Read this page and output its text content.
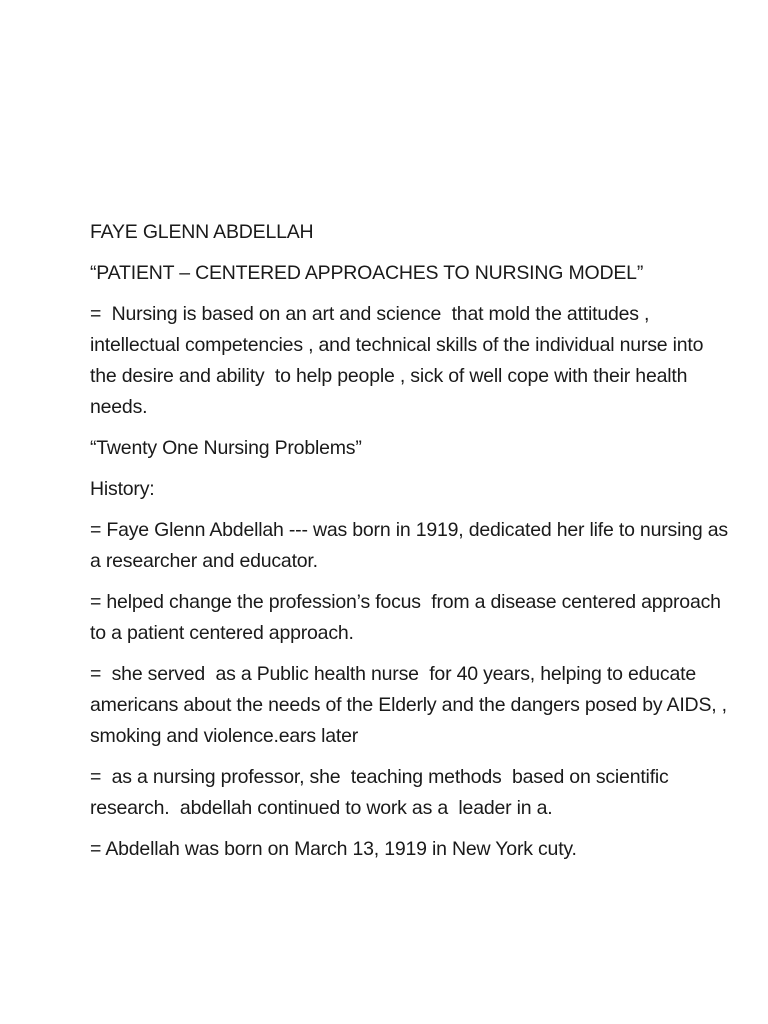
FAYE GLENN ABDELLAH

“PATIENT – CENTERED APPROACHES TO NURSING MODEL”

=  Nursing is based on an art and science  that mold the attitudes , intellectual competencies , and technical skills of the individual nurse into the desire and ability  to help people , sick of well cope with their health needs.

“Twenty One Nursing Problems”

History:

= Faye Glenn Abdellah --- was born in 1919, dedicated her life to nursing as a researcher and educator.

= helped change the profession’s focus  from a disease centered approach to a patient centered approach.

=  she served  as a Public health nurse  for 40 years, helping to educate  americans about the needs of the Elderly and the dangers posed by AIDS, , smoking and violence.ears later

=  as a nursing professor, she  teaching methods  based on scientific research.  abdellah continued to work as a  leader in a.

= Abdellah was born on March 13, 1919 in New York cuty.
